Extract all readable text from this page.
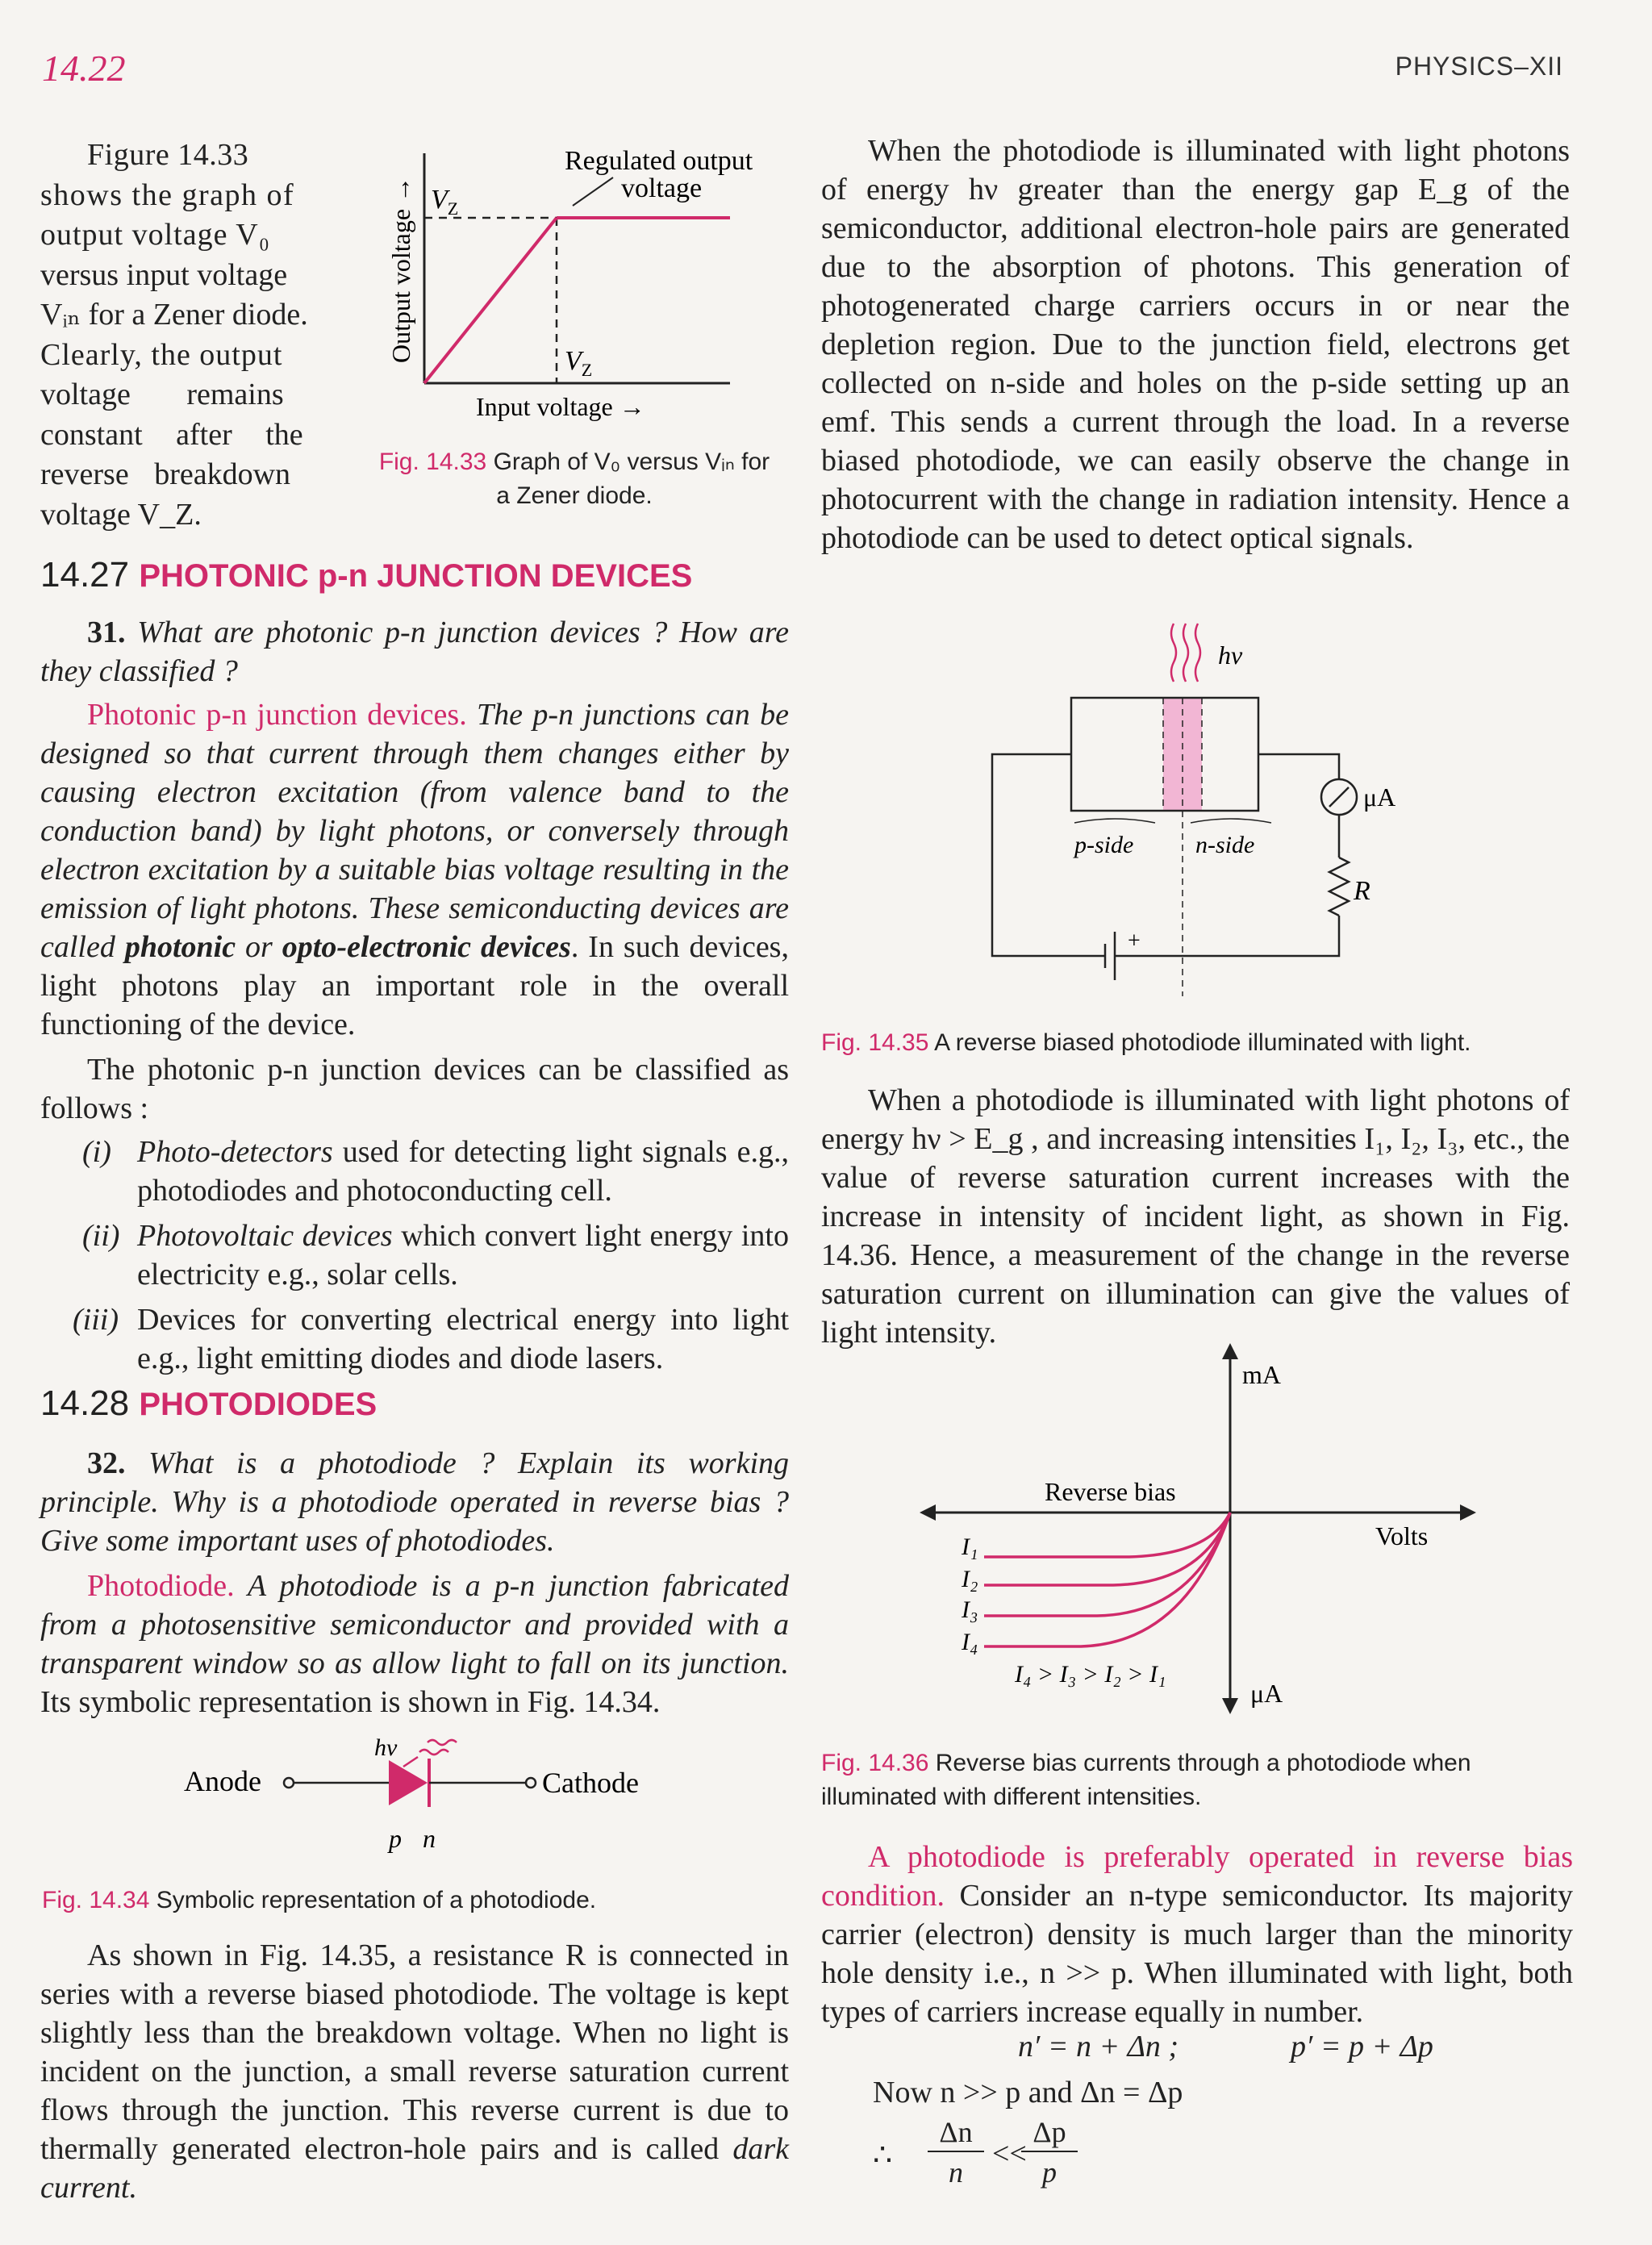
14.22	PHYSICS–XII
Figure 14.33
shows the graph of
output voltage V₀
versus input voltage
Vᵢₙ for a Zener diode.
Clearly, the output
voltage remains
constant after the
reverse breakdown
voltage V_Z.
Regulated output
voltage
$V_Z$
$V_Z$
Input voltage →
Output voltage →
Fig. 14.33 Graph of V₀ versus Vᵢₙ for
a Zener diode.
14.27 PHOTONIC p-n JUNCTION DEVICES

31. What are photonic p-n junction devices ? How are they classified ?

Photonic p-n junction devices. The p-n junctions can be designed so that current through them changes either by causing electron excitation (from valence band to the conduction band) by light photons, or conversely through electron excitation by a suitable bias voltage resulting in the emission of light photons. These semiconducting devices are called photonic or opto-electronic devices. In such devices, light photons play an important role in the overall functioning of the device.

The photonic p-n junction devices can be classified as follows :

(i) Photo-detectors used for detecting light signals e.g., photodiodes and photoconducting cell.
(ii) Photovoltaic devices which convert light energy into electricity e.g., solar cells.
(iii) Devices for converting electrical energy into light e.g., light emitting diodes and diode lasers.
14.28 PHOTODIODES

32. What is a photodiode ? Explain its working principle. Why is a photodiode operated in reverse bias ? Give some important uses of photodiodes.

Photodiode. A photodiode is a p-n junction fabricated from a photosensitive semiconductor and provided with a transparent window so as allow light to fall on its junction. Its symbolic representation is shown in Fig. 14.34.

Anode	Cathode
hv
p n
Fig. 14.34 Symbolic representation of a photodiode.

As shown in Fig. 14.35, a resistance R is connected in series with a reverse biased photodiode. The voltage is kept slightly less than the breakdown voltage. When no light is incident on the junction, a small reverse saturation current flows through the junction. This reverse current is due to thermally generated electron-hole pairs and is called dark current.

When the photodiode is illuminated with light photons of energy hν greater than the energy gap E_g of the semiconductor, additional electron-hole pairs are generated due to the absorption of photons. This generation of photogenerated charge carriers occurs in or near the depletion region. Due to the junction field, electrons get collected on n-side and holes on the p-side setting up an emf. This sends a current through the load. In a reverse biased photodiode, we can easily observe the change in photocurrent with the change in radiation intensity. Hence a photodiode can be used to detect optical signals.

hv
+
R
μA
p-side	n-side
Fig. 14.35 A reverse biased photodiode illuminated with light.

When a photodiode is illuminated with light photons of energy hν > E_g , and increasing intensities I₁, I₂, I₃, etc., the value of reverse saturation current increases with the increase in intensity of incident light, as shown in Fig. 14.36. Hence, a measurement of the change in the reverse saturation current on illumination can give the values of light intensity.

mA
μA
Volts
Reverse bias
I₁
I₂
I₃
I₄
I₄ > I₃ > I₂ > I₁
Fig. 14.36 Reverse bias currents through a photodiode when
illuminated with different intensities.

A photodiode is preferably operated in reverse bias condition. Consider an n-type semiconductor. Its majority carrier (electron) density is much larger than the minority hole density i.e., n >> p. When illuminated with light, both types of carriers increase equally in number.

n′ = n + Δn ;	p′ = p + Δp
Now n >> p and Δn = Δp
∴
Δn
n
<<
Δp
p
